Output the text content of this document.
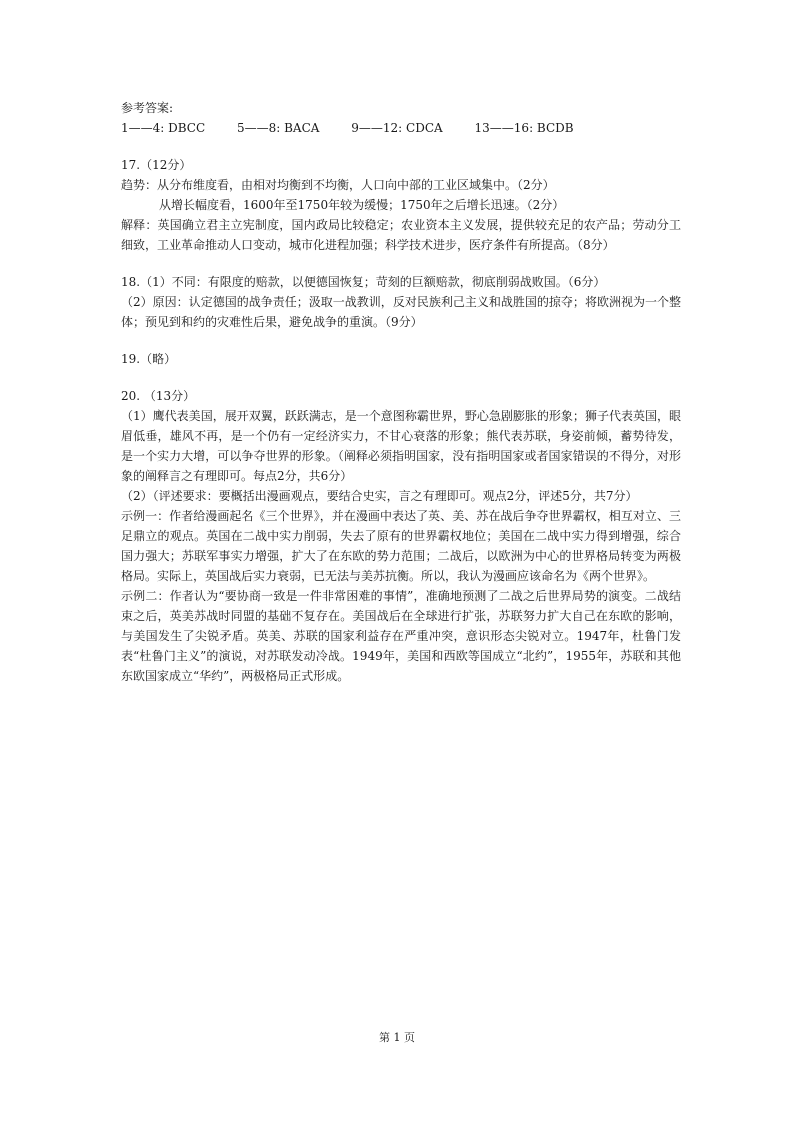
参考答案:
1——4: DBCC	5——8: BACA	9——12: CDCA	13——16: BCDB
17.（12分）
趋势：从分布维度看，由相对均衡到不均衡，人口向中部的工业区域集中。（2分）
从增长幅度看，1600年至1750年较为缓慢；1750年之后增长迅速。（2分）
解释：英国确立君主立宪制度，国内政局比较稳定；农业资本主义发展，提供较充足的农产品；劳动分工细致，工业革命推动人口变动，城市化进程加强；科学技术进步，医疗条件有所提高。（8分）
18.（1）不同：有限度的赔款，以便德国恢复；苛刻的巨额赔款，彻底削弱战败国。（6分）
（2）原因：认定德国的战争责任；汲取一战教训，反对民族利己主义和战胜国的掠夺；将欧洲视为一个整体；预见到和约的灾难性后果，避免战争的重演。（9分）
19.（略）
20. （13分）
（1）鹰代表美国，展开双翼，跃跃满志，是一个意图称霸世界，野心急剧膨胀的形象；狮子代表英国，眼眉低垂，雄风不再，是一个仍有一定经济实力，不甘心衰落的形象；熊代表苏联，身姿前倾，蓄势待发，是一个实力大增，可以争夺世界的形象。（阐释必须指明国家，没有指明国家或者国家错误的不得分，对形象的阐释言之有理即可。每点2分，共6分）
（2）（评述要求：要概括出漫画观点，要结合史实，言之有理即可。观点2分，评述5分，共7分）
示例一：作者给漫画起名《三个世界》，并在漫画中表达了英、美、苏在战后争夺世界霸权，相互对立、三足鼎立的观点。英国在二战中实力削弱，失去了原有的世界霸权地位；美国在二战中实力得到增强，综合国力强大；苏联军事实力增强，扩大了在东欧的势力范围；二战后，以欧洲为中心的世界格局转变为两极格局。实际上，英国战后实力衰弱，已无法与美苏抗衡。所以，我认为漫画应该命名为《两个世界》。
示例二：作者认为“要协商一致是一件非常困难的事情”，准确地预测了二战之后世界局势的演变。二战结束之后，英美苏战时同盟的基础不复存在。美国战后在全球进行扩张，苏联努力扩大自己在东欧的影响，与美国发生了尖锐矛盾。英美、苏联的国家利益存在严重冲突，意识形态尖锐对立。1947年，杜鲁门发表“杜鲁门主义”的演说，对苏联发动冷战。1949年，美国和西欧等国成立“北约”，1955年，苏联和其他东欧国家成立“华约”，两极格局正式形成。
第 1 页
